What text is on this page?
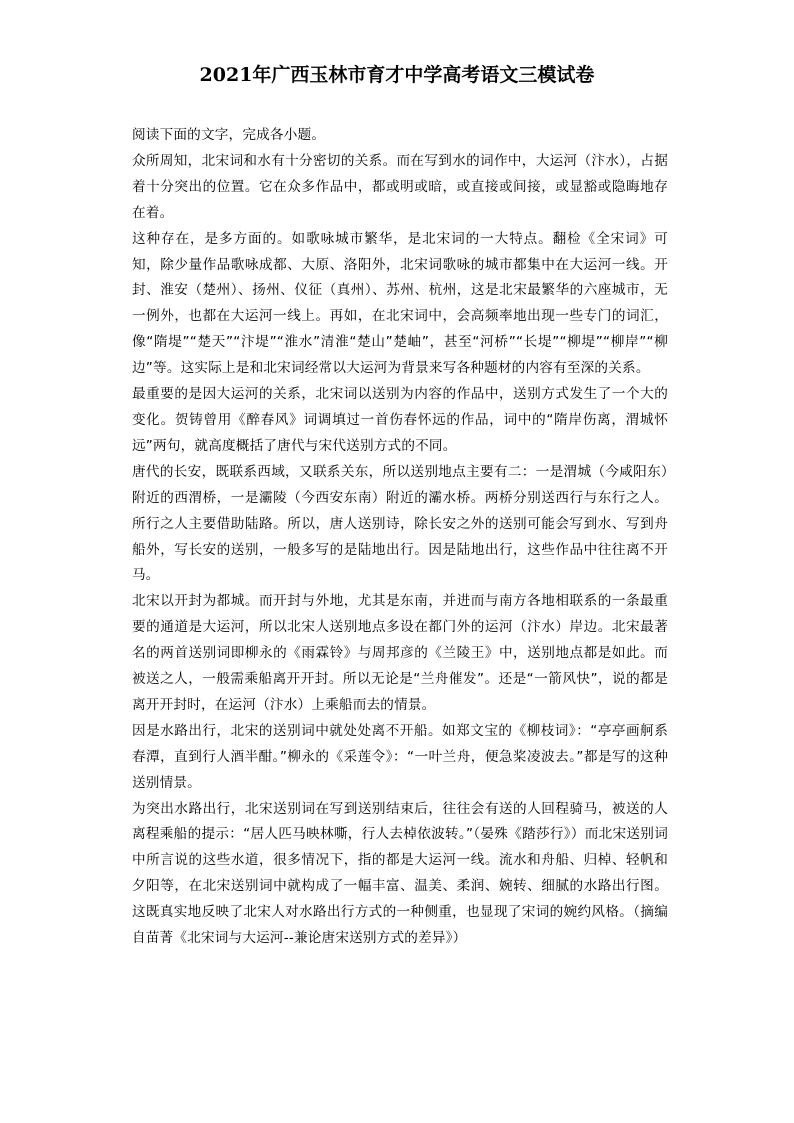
2021年广西玉林市育才中学高考语文三模试卷

阅读下面的文字，完成各小题。

众所周知，北宋词和水有十分密切的关系。而在写到水的词作中，大运河（汴水），占据着十分突出的位置。它在众多作品中，都或明或暗，或直接或间接，或显豁或隐晦地存在着。

这种存在，是多方面的。如歌咏城市繁华，是北宋词的一大特点。翻检《全宋词》可知，除少量作品歌咏成都、大原、洛阳外，北宋词歌咏的城市都集中在大运河一线。开封、淮安（楚州）、扬州、仪征（真州）、苏州、杭州，这是北宋最繁华的六座城市，无一例外，也都在大运河一线上。再如，在北宋词中，会高频率地出现一些专门的词汇，像“隋堤”“楚天”“汴堤”“淮水”清淮“楚山”楚岫”，甚至“河桥”“长堤”“柳堤”“柳岸”“柳边”等。这实际上是和北宋词经常以大运河为背景来写各种题材的内容有至深的关系。

最重要的是因大运河的关系，北宋词以送别为内容的作品中，送别方式发生了一个大的变化。贺铸曾用《醉春风》词调填过一首伤春怀远的作品，词中的“隋岸伤离，渭城怀远”两句，就高度概括了唐代与宋代送别方式的不同。

唐代的长安，既联系西域，又联系关东，所以送别地点主要有二：一是渭城（今咸阳东）附近的西渭桥，一是灞陵（今西安东南）附近的灞水桥。两桥分别送西行与东行之人。所行之人主要借助陆路。所以，唐人送别诗，除长安之外的送别可能会写到水、写到舟船外，写长安的送别，一般多写的是陆地出行。因是陆地出行，这些作品中往往离不开马。

北宋以开封为都城。而开封与外地，尤其是东南，并进而与南方各地相联系的一条最重要的通道是大运河，所以北宋人送别地点多设在都门外的运河（汴水）岸边。北宋最著名的两首送别词即柳永的《雨霖铃》与周邦彦的《兰陵王》中，送别地点都是如此。而被送之人，一般需乘船离开开封。所以无论是“兰舟催发”。还是“一箭风快”，说的都是离开开封时，在运河（汴水）上乘船而去的情景。

因是水路出行，北宋的送别词中就处处离不开船。如郑文宝的《柳枝词》：“亭亭画舸系春潭，直到行人酒半酣。”柳永的《采莲令》：“一叶兰舟，便急桨凌波去。”都是写的这种送别情景。

为突出水路出行，北宋送别词在写到送别结束后，往往会有送的人回程骑马，被送的人离程乘船的提示：“居人匹马映林嘶，行人去棹依波转。”（晏殊《踏莎行》）而北宋送别词中所言说的这些水道，很多情况下，指的都是大运河一线。流水和舟船、归棹、轻帆和夕阳等，在北宋送别词中就构成了一幅丰富、温美、柔润、婉转、细腻的水路出行图。这既真实地反映了北宋人对水路出行方式的一种侧重，也显现了宋词的婉约风格。（摘编自苗菁《北宋词与大运河--兼论唐宋送别方式的差异》）
